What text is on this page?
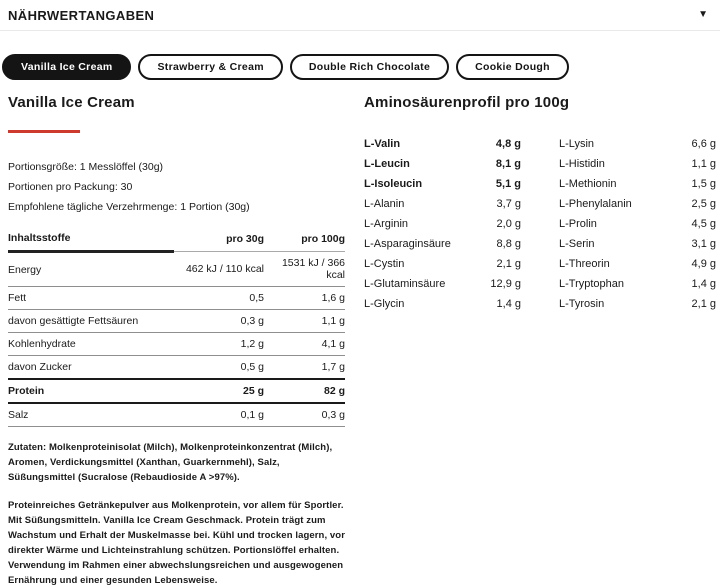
NÄHRWERTANGABEN	▼
Vanilla Ice Cream	Strawberry & Cream	Double Rich Chocolate	Cookie Dough
Vanilla Ice Cream
Portionsgröße: 1 Messlöffel (30g)
Portionen pro Packung: 30
Empfohlene tägliche Verzehrmenge: 1 Portion (30g)
Inhaltsstoffe	pro 30g	pro 100g
Energy	462 kJ / 110 kcal	1531 kJ / 366 kcal
Fett	0,5	1,6 g
davon gesättigte Fettsäuren	0,3 g	1,1 g
Kohlenhydrate	1,2 g	4,1 g
davon Zucker	0,5 g	1,7 g
Protein	25 g	82 g
Salz	0,1 g	0,3 g

Zutaten: Molkenproteinisolat (Milch), Molkenproteinkonzentrat (Milch), Aromen, Verdickungsmittel (Xanthan, Guarkernmehl), Salz, Süßungsmittel (Sucralose (Rebaudioside A >97%).

Proteinreiches Getränkepulver aus Molkenprotein, vor allem für Sportler. Mit Süßungsmitteln. Vanilla Ice Cream Geschmack. Protein trägt zum Wachstum und Erhalt der Muskelmasse bei. Kühl und trocken lagern, vor direkter Wärme und Lichteinstrahlung schützen. Portionslöffel erhalten. Verwendung im Rahmen einer abwechslungsreichen und ausgewogenen Ernährung und einer gesunden Lebensweise.

Aminosäurenprofil pro 100g
L-Valin	4,8 g
L-Leucin	8,1 g
L-Isoleucin	5,1 g
L-Alanin	3,7 g
L-Arginin	2,0 g
L-Asparaginsäure	8,8 g
L-Cystin	2,1 g
L-Glutaminsäure	12,9 g
L-Glycin	1,4 g
L-Lysin	6,6 g
L-Histidin	1,1 g
L-Methionin	1,5 g
L-Phenylalanin	2,5 g
L-Prolin	4,5 g
L-Serin	3,1 g
L-Threorin	4,9 g
L-Tryptophan	1,4 g
L-Tyrosin	2,1 g
